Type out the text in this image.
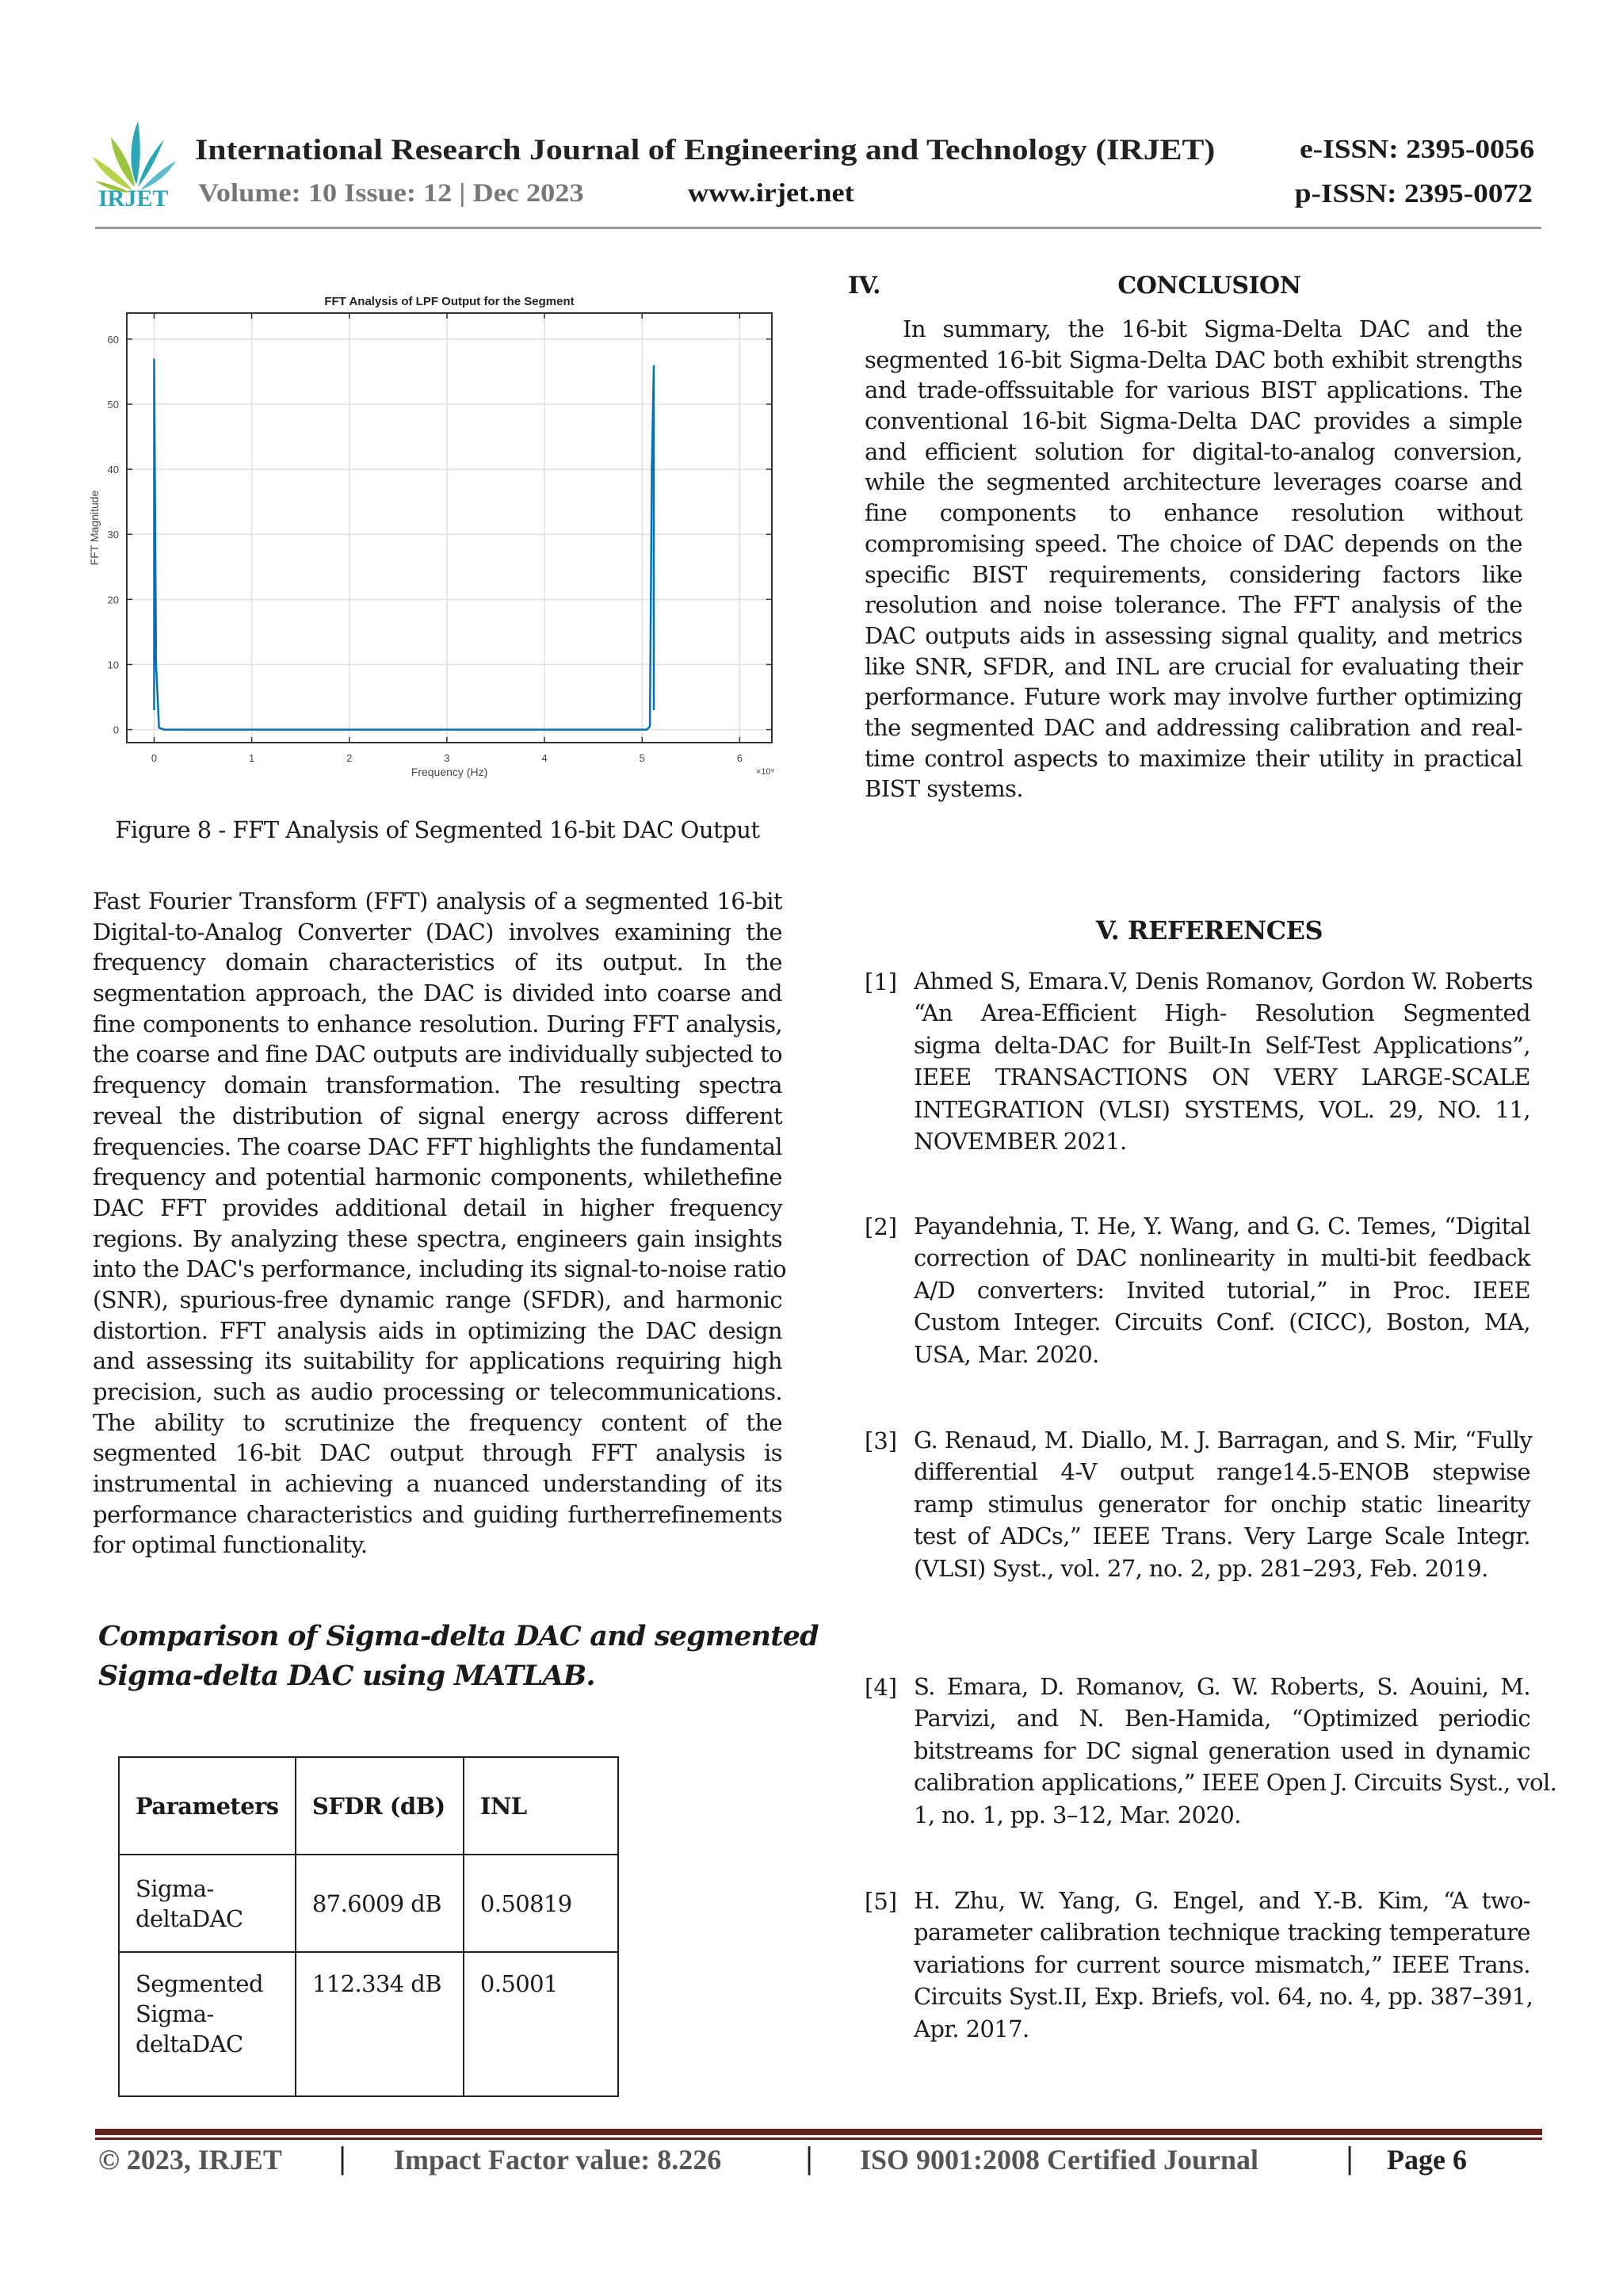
IRJET
International Research Journal of Engineering and Technology (IRJET)	e-ISSN: 2395-0056
Volume: 10 Issue: 12 | Dec 2023	www.irjet.net	p-ISSN: 2395-0072
0	1	2	3	4	5	6
0
10
20
30
40
50
60
FFT Analysis of LPF Output for the Segment
Frequency (Hz)	×10⁹
FFT Magnitude
Figure 8 - FFT Analysis of Segmented 16-bit DAC Output
Fast Fourier Transform (FFT) analysis of a segmented 16-bit
Digital-to-Analog Converter (DAC) involves examining the
frequency domain characteristics of its output. In the
segmentation approach, the DAC is divided into coarse and
fine components to enhance resolution. During FFT analysis,
the coarse and fine DAC outputs are individually subjected to
frequency domain transformation. The resulting spectra
reveal the distribution of signal energy across different
frequencies. The coarse DAC FFT highlights the fundamental
frequency and potential harmonic components, whilethefine
DAC FFT provides additional detail in higher frequency
regions. By analyzing these spectra, engineers gain insights
into the DAC's performance, including its signal-to-noise ratio
(SNR), spurious-free dynamic range (SFDR), and harmonic
distortion. FFT analysis aids in optimizing the DAC design
and assessing its suitability for applications requiring high
precision, such as audio processing or telecommunications.
The ability to scrutinize the frequency content of the
segmented 16-bit DAC output through FFT analysis is
instrumental in achieving a nuanced understanding of its
performance characteristics and guiding furtherrefinements
for optimal functionality.
Comparison of Sigma-delta DAC and segmented
Sigma-delta DAC using MATLAB.
Parameters	SFDR (dB)	INL
Sigma-deltaDAC	87.6009 dB	0.50819
Segmented Sigma-deltaDAC	112.334 dB	0.5001
IV.	CONCLUSION
In summary, the 16-bit Sigma-Delta DAC and the
segmented 16-bit Sigma-Delta DAC both exhibit strengths
and trade-offssuitable for various BIST applications. The
conventional 16-bit Sigma-Delta DAC provides a simple
and efficient solution for digital-to-analog conversion,
while the segmented architecture leverages coarse and
fine components to enhance resolution without
compromising speed. The choice of DAC depends on the
specific BIST requirements, considering factors like
resolution and noise tolerance. The FFT analysis of the
DAC outputs aids in assessing signal quality, and metrics
like SNR, SFDR, and INL are crucial for evaluating their
performance. Future work may involve further optimizing
the segmented DAC and addressing calibration and real-
time control aspects to maximize their utility in practical
BIST systems.
V. REFERENCES
[1] Ahmed S, Emara.V, Denis Romanov, Gordon W. Roberts
“An Area-Efficient High- Resolution Segmented
sigma delta-DAC for Built-In Self-Test Applications”,
IEEE TRANSACTIONS ON VERY LARGE-SCALE
INTEGRATION (VLSI) SYSTEMS, VOL. 29, NO. 11,
NOVEMBER 2021.
[2] Payandehnia, T. He, Y. Wang, and G. C. Temes, “Digital
correction of DAC nonlinearity in multi-bit feedback
A/D converters: Invited tutorial,” in Proc. IEEE
Custom Integer. Circuits Conf. (CICC), Boston, MA,
USA, Mar. 2020.
[3] G. Renaud, M. Diallo, M. J. Barragan, and S. Mir, “Fully
differential 4-V output range14.5-ENOB stepwise
ramp stimulus generator for onchip static linearity
test of ADCs,” IEEE Trans. Very Large Scale Integr.
(VLSI) Syst., vol. 27, no. 2, pp. 281–293, Feb. 2019.
[4] S. Emara, D. Romanov, G. W. Roberts, S. Aouini, M.
Parvizi, and N. Ben-Hamida, “Optimized periodic
bitstreams for DC signal generation used in dynamic
calibration applications,” IEEE Open J. Circuits Syst., vol.
1, no. 1, pp. 3–12, Mar. 2020.
[5] H. Zhu, W. Yang, G. Engel, and Y.-B. Kim, “A two-
parameter calibration technique tracking temperature
variations for current source mismatch,” IEEE Trans.
Circuits Syst.II, Exp. Briefs, vol. 64, no. 4, pp. 387–391,
Apr. 2017.
© 2023, IRJET | Impact Factor value: 8.226	| ISO 9001:2008 Certified Journal	| Page 6
